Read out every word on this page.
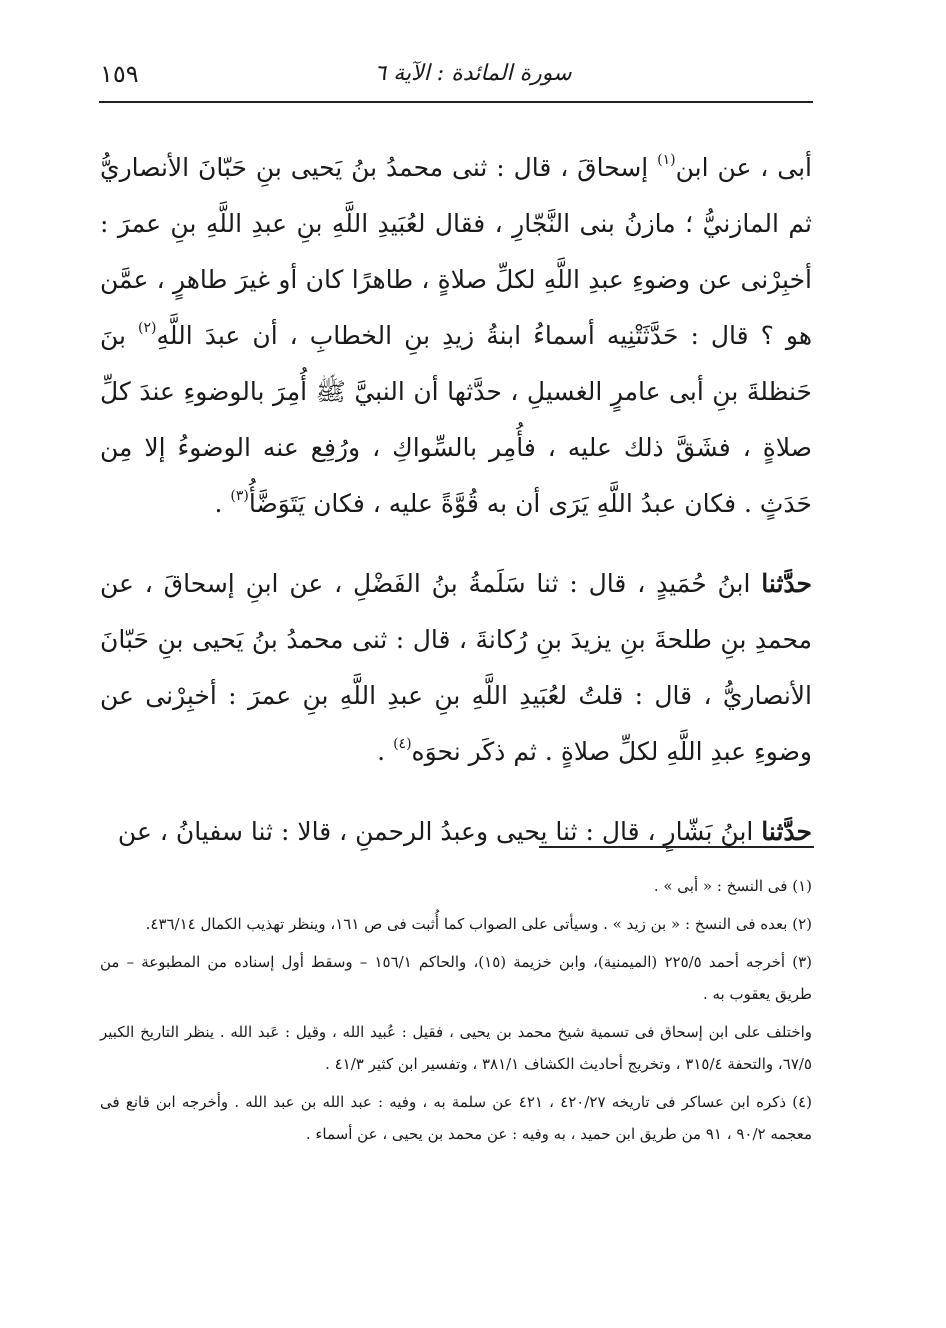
١٥٩	سورة المائدة : الآية ٦

أبى ، عن ابن$^{(١)}$ إسحاقَ ، قال : ثنى محمدُ بنُ يَحيى بنِ حَبّانَ الأنصاريُّ ثم المازنيُّ ؛ مازنُ بنى النَّجّارِ ، فقال لعُبَيدِ اللَّهِ بنِ عبدِ اللَّهِ بنِ عمرَ : أخبِرْنى عن وضوءِ عبدِ اللَّهِ لكلِّ صلاةٍ ، طاهرًا كان أو غيرَ طاهرٍ ، عمَّن هو ؟ قال : حَدَّثَتْنِيه أسماءُ ابنةُ زيدِ بنِ الخطابِ ، أن عبدَ اللَّهِ$^{(٢)}$ بنَ حَنظلةَ بنِ أبى عامرٍ الغسيلِ ، حدَّثها أن النبيَّ ﷺ أُمِرَ بالوضوءِ عندَ كلِّ صلاةٍ ، فشَقَّ ذلك عليه ، فأُمِر بالسِّواكِ ، ورُفِع عنه الوضوءُ إلا مِن حَدَثٍ . فكان عبدُ اللَّهِ يَرَى أن به قُوَّةً عليه ، فكان يَتَوَضَّأُ$^{(٣)}$ .

حدَّثنا ابنُ حُمَيدٍ ، قال : ثنا سَلَمةُ بنُ الفَضْلِ ، عن ابنِ إسحاقَ ، عن محمدِ بنِ طلحةَ بنِ يزيدَ بنِ رُكانةَ ، قال : ثنى محمدُ بنُ يَحيى بنِ حَبّانَ الأنصاريُّ ، قال : قلتُ لعُبَيدِ اللَّهِ بنِ عبدِ اللَّهِ بنِ عمرَ : أخبِرْنى عن وضوءِ عبدِ اللَّهِ لكلِّ صلاةٍ . ثم ذكَر نحوَه$^{(٤)}$ .

حدَّثنا ابنُ بَشّارٍ ، قال : ثنا يحيى وعبدُ الرحمنِ ، قالا : ثنا سفيانُ ، عن

(١) فى النسخ : « أبى » .

(٢) بعده فى النسخ : « بن زيد » . وسيأتى على الصواب كما أُثبت فى ص ١٦١، وينظر تهذيب الكمال ٤٣٦/١٤.

(٣) أخرجه أحمد ٢٢٥/٥ (الميمنية)، وابن خزيمة (١٥)، والحاكم ١٥٦/١ – وسقط أول إسناده من المطبوعة – من طريق يعقوب به .

واختلف على ابن إسحاق فى تسمية شيخ محمد بن يحيى ، فقيل : عُبيد الله ، وقيل : عَبد الله . ينظر التاريخ الكبير ٦٧/٥، والتحفة ٣١٥/٤ ، وتخريج أحاديث الكشاف ٣٨١/١ ، وتفسير ابن كثير ٤١/٣ .

(٤) ذكره ابن عساكر فى تاريخه ٤٢٠/٢٧ ، ٤٢١ عن سلمة به ، وفيه : عبد الله بن عبد الله . وأخرجه ابن قانع فى معجمه ٩٠/٢ ، ٩١ من طريق ابن حميد ، به وفيه : عن محمد بن يحيى ، عن أسماء .
